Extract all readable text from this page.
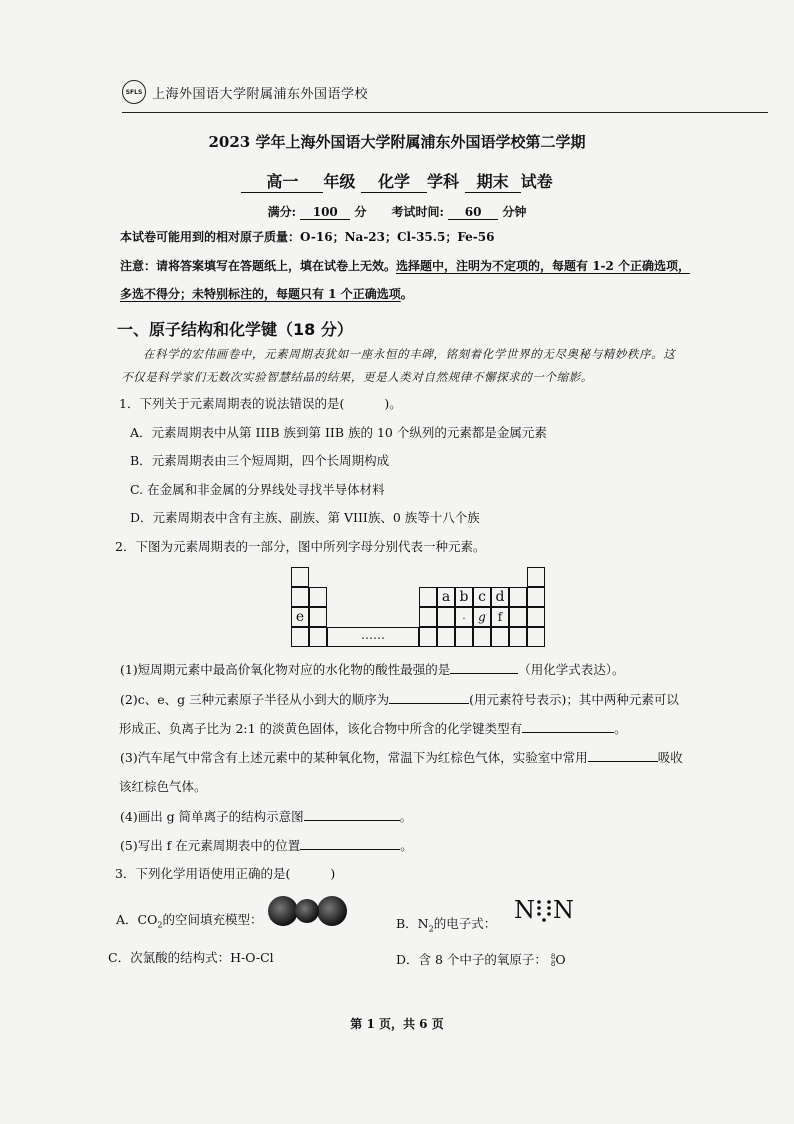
SFLS 上海外国语大学附属浦东外国语学校
2023 学年上海外国语大学附属浦东外国语学校第二学期
高一 年级 化学 学科 期末 试卷
满分: 100 分 考试时间: 60 分钟
本试卷可能用到的相对原子质量：O-16；Na-23；Cl-35.5；Fe-56
注意：请将答案填写在答题纸上，填在试卷上无效。选择题中，注明为不定项的，每题有 1-2 个正确选项，
多选不得分；未特别标注的，每题只有 1 个正确选项。
一、原子结构和化学键（18 分）
在科学的宏伟画卷中，元素周期表犹如一座永恒的丰碑，铭刻着化学世界的无尽奥秘与精妙秩序。这
不仅是科学家们无数次实验智慧结晶的结果，更是人类对自然规律不懈探求的一个缩影。
1．下列关于元素周期表的说法错误的是(	)。
A．元素周期表中从第 IIIB 族到第 IIB 族的 10 个纵列的元素都是金属元素
B．元素周期表由三个短周期，四个长周期构成
C. 在金属和非金属的分界线处寻找半导体材料
D．元素周期表中含有主族、副族、第 VIII族、0 族等十八个族
2．下图为元素周期表的一部分，图中所列字母分别代表一种元素。
a b c d
e	.	g f
……
(1)短周期元素中最高价氧化物对应的水化物的酸性最强的是	（用化学式表达）。
(2)c、e、g 三种元素原子半径从小到大的顺序为	(用元素符号表示)；其中两种元素可以
形成正、负离子比为 2:1 的淡黄色固体，该化合物中所含的化学键类型有	。
(3)汽车尾气中常含有上述元素中的某种氧化物，常温下为红棕色气体，实验室中常用	吸收
该红棕色气体。
(4)画出 g 简单离子的结构示意图	。
(5)写出 f 在元素周期表中的位置	。
3．下列化学用语使用正确的是(	)
A．$CO_2$的空间填充模型：	B．$N_2$的电子式： N N
C．次氯酸的结构式：H-O-Cl	D．含 8 个中子的氧原子： 8
8 O
第 1 页，共 6 页
